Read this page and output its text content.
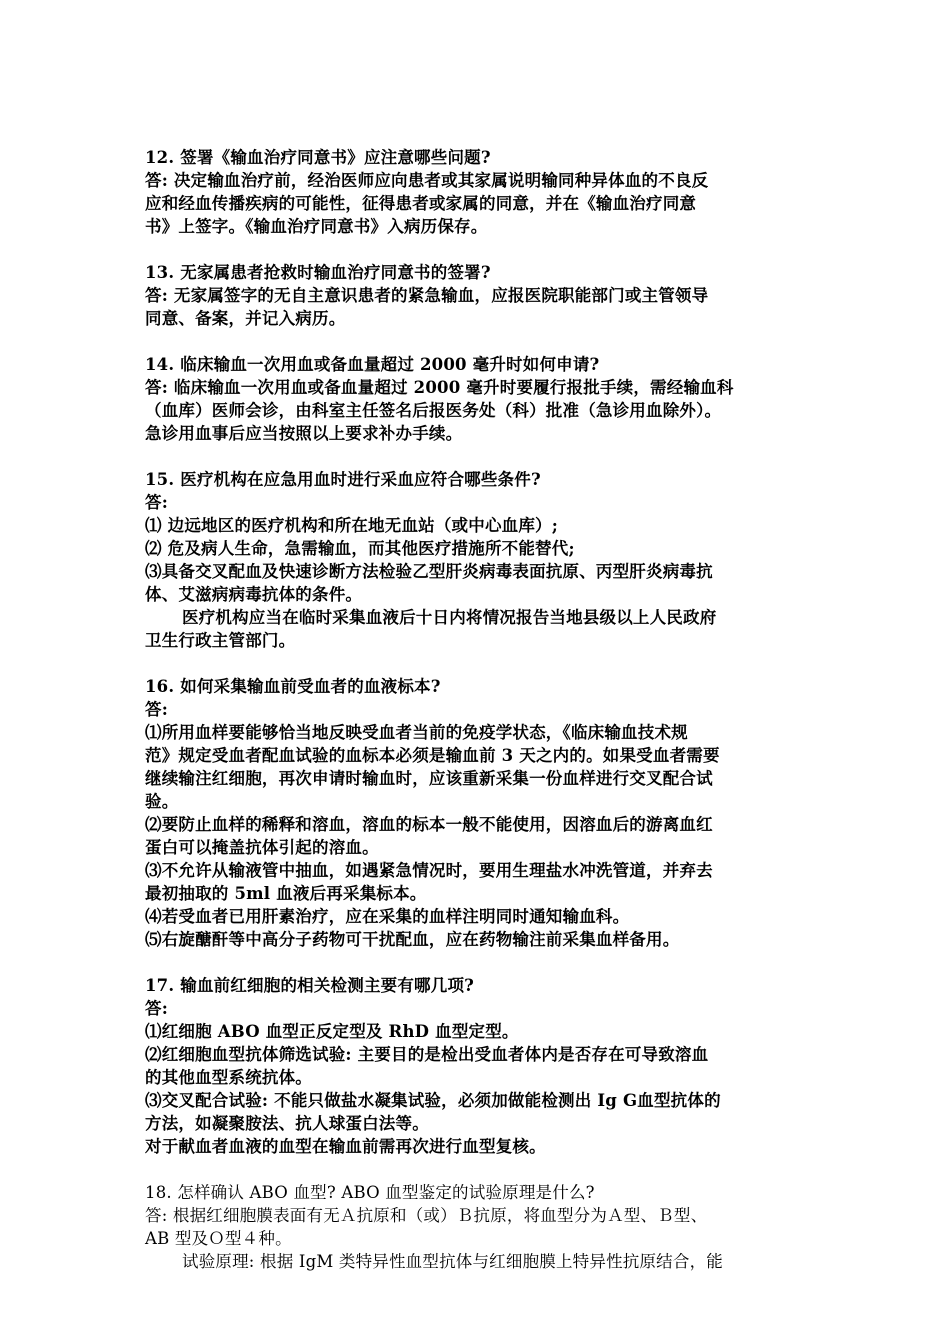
12. 签署《输血治疗同意书》应注意哪些问题?
答: 决定输血治疗前，经治医师应向患者或其家属说明输同种异体血的不良反
应和经血传播疾病的可能性，征得患者或家属的同意，并在《输血治疗同意
书》上签字。《输血治疗同意书》入病历保存。
13. 无家属患者抢救时输血治疗同意书的签署?
答: 无家属签字的无自主意识患者的紧急输血，应报医院职能部门或主管领导
同意、备案，并记入病历。
14. 临床输血一次用血或备血量超过 2000 毫升时如何申请?
答: 临床输血一次用血或备血量超过 2000 毫升时要履行报批手续，需经输血科
（血库）医师会诊，由科室主任签名后报医务处（科）批准（急诊用血除外）。
急诊用血事后应当按照以上要求补办手续。
15. 医疗机构在应急用血时进行采血应符合哪些条件?
答:
⑴ 边远地区的医疗机构和所在地无血站（或中心血库）;
⑵ 危及病人生命，急需输血，而其他医疗措施所不能替代;
⑶具备交叉配血及快速诊断方法检验乙型肝炎病毒表面抗原、丙型肝炎病毒抗
体、艾滋病病毒抗体的条件。
医疗机构应当在临时采集血液后十日内将情况报告当地县级以上人民政府
卫生行政主管部门。
16. 如何采集输血前受血者的血液标本?
答:
⑴所用血样要能够恰当地反映受血者当前的免疫学状态，《临床输血技术规
范》规定受血者配血试验的血标本必须是输血前 3 天之内的。如果受血者需要
继续输注红细胞，再次申请时输血时，应该重新采集一份血样进行交叉配合试
验。
⑵要防止血样的稀释和溶血，溶血的标本一般不能使用，因溶血后的游离血红
蛋白可以掩盖抗体引起的溶血。
⑶不允许从输液管中抽血，如遇紧急情况时，要用生理盐水冲洗管道，并弃去
最初抽取的 5ml 血液后再采集标本。
⑷若受血者已用肝素治疗，应在采集的血样注明同时通知输血科。
⑸右旋醣酐等中高分子药物可干扰配血，应在药物输注前采集血样备用。
17. 输血前红细胞的相关检测主要有哪几项?
答:
⑴红细胞 ABO 血型正反定型及 RhD 血型定型。
⑵红细胞血型抗体筛选试验: 主要目的是检出受血者体内是否存在可导致溶血
的其他血型系统抗体。
⑶交叉配合试验: 不能只做盐水凝集试验，必须加做能检测出 Ig G血型抗体的
方法，如凝聚胺法、抗人球蛋白法等。
对于献血者血液的血型在输血前需再次进行血型复核。
18. 怎样确认 ABO 血型? ABO 血型鉴定的试验原理是什么?
答: 根据红细胞膜表面有无Ａ抗原和（或）Ｂ抗原，将血型分为Ａ型、Ｂ型、
AB 型及Ｏ型４种。
试验原理: 根据 IgM 类特异性血型抗体与红细胞膜上特异性抗原结合，能
